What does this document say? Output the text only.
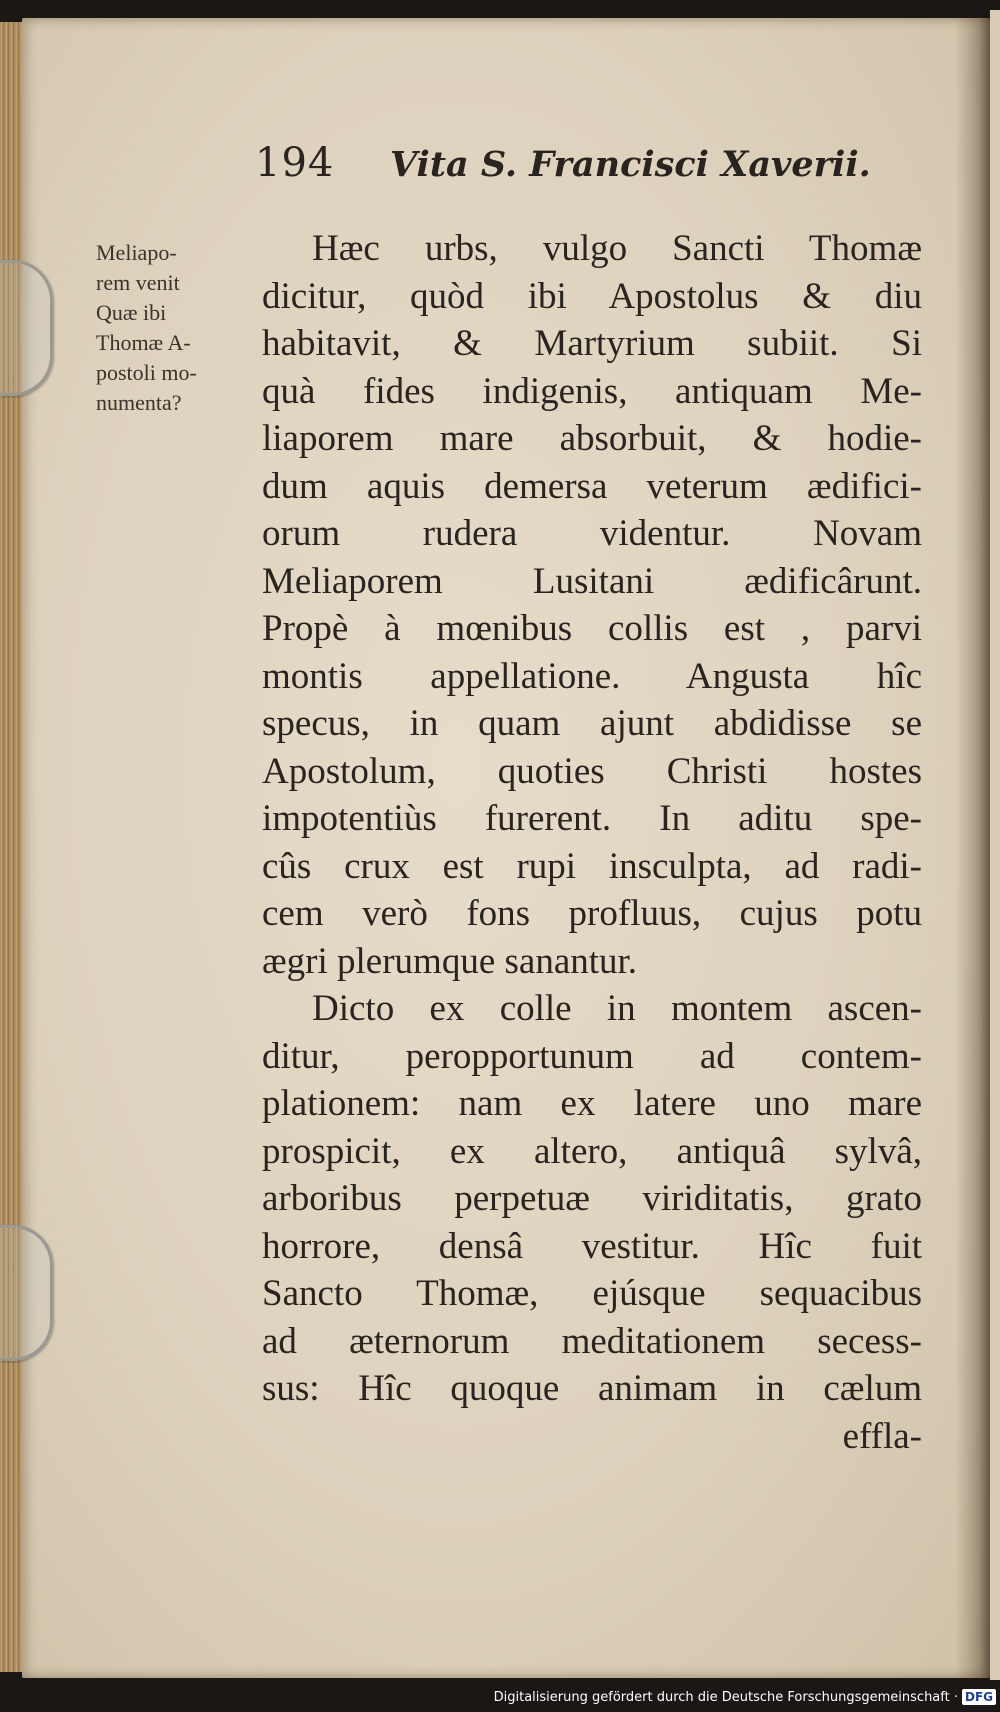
194 Vita S. Francisci Xaverii.
Meliapo-
rem venit
Quæ ibi
Thomæ A-
postoli mo-
numenta?
Hæc urbs, vulgo Sancti Thomæ
dicitur, quòd ibi Apostolus & diu
habitavit, & Martyrium subiit. Si
quà fides indigenis, antiquam Me-
liaporem mare absorbuit, & hodie-
dum aquis demersa veterum ædifici-
orum rudera videntur. Novam
Meliaporem Lusitani ædificârunt.
Propè à mœnibus collis est , parvi
montis appellatione. Angusta hîc
specus, in quam ajunt abdidisse se
Apostolum, quoties Christi hostes
impotentiùs furerent. In aditu spe-
cûs crux est rupi insculpta, ad radi-
cem verò fons profluus, cujus potu
ægri plerumque sanantur.
Dicto ex colle in montem ascen-
ditur, peropportunum ad contem-
plationem: nam ex latere uno mare
prospicit, ex altero, antiquâ sylvâ,
arboribus perpetuæ viriditatis, grato
horrore, densâ vestitur. Hîc fuit
Sancto Thomæ, ejúsque sequacibus
ad æternorum meditationem secess-
sus: Hîc quoque animam in cælum
effla-
Digitalisierung gefördert durch die Deutsche Forschungsgemeinschaft · DFG
